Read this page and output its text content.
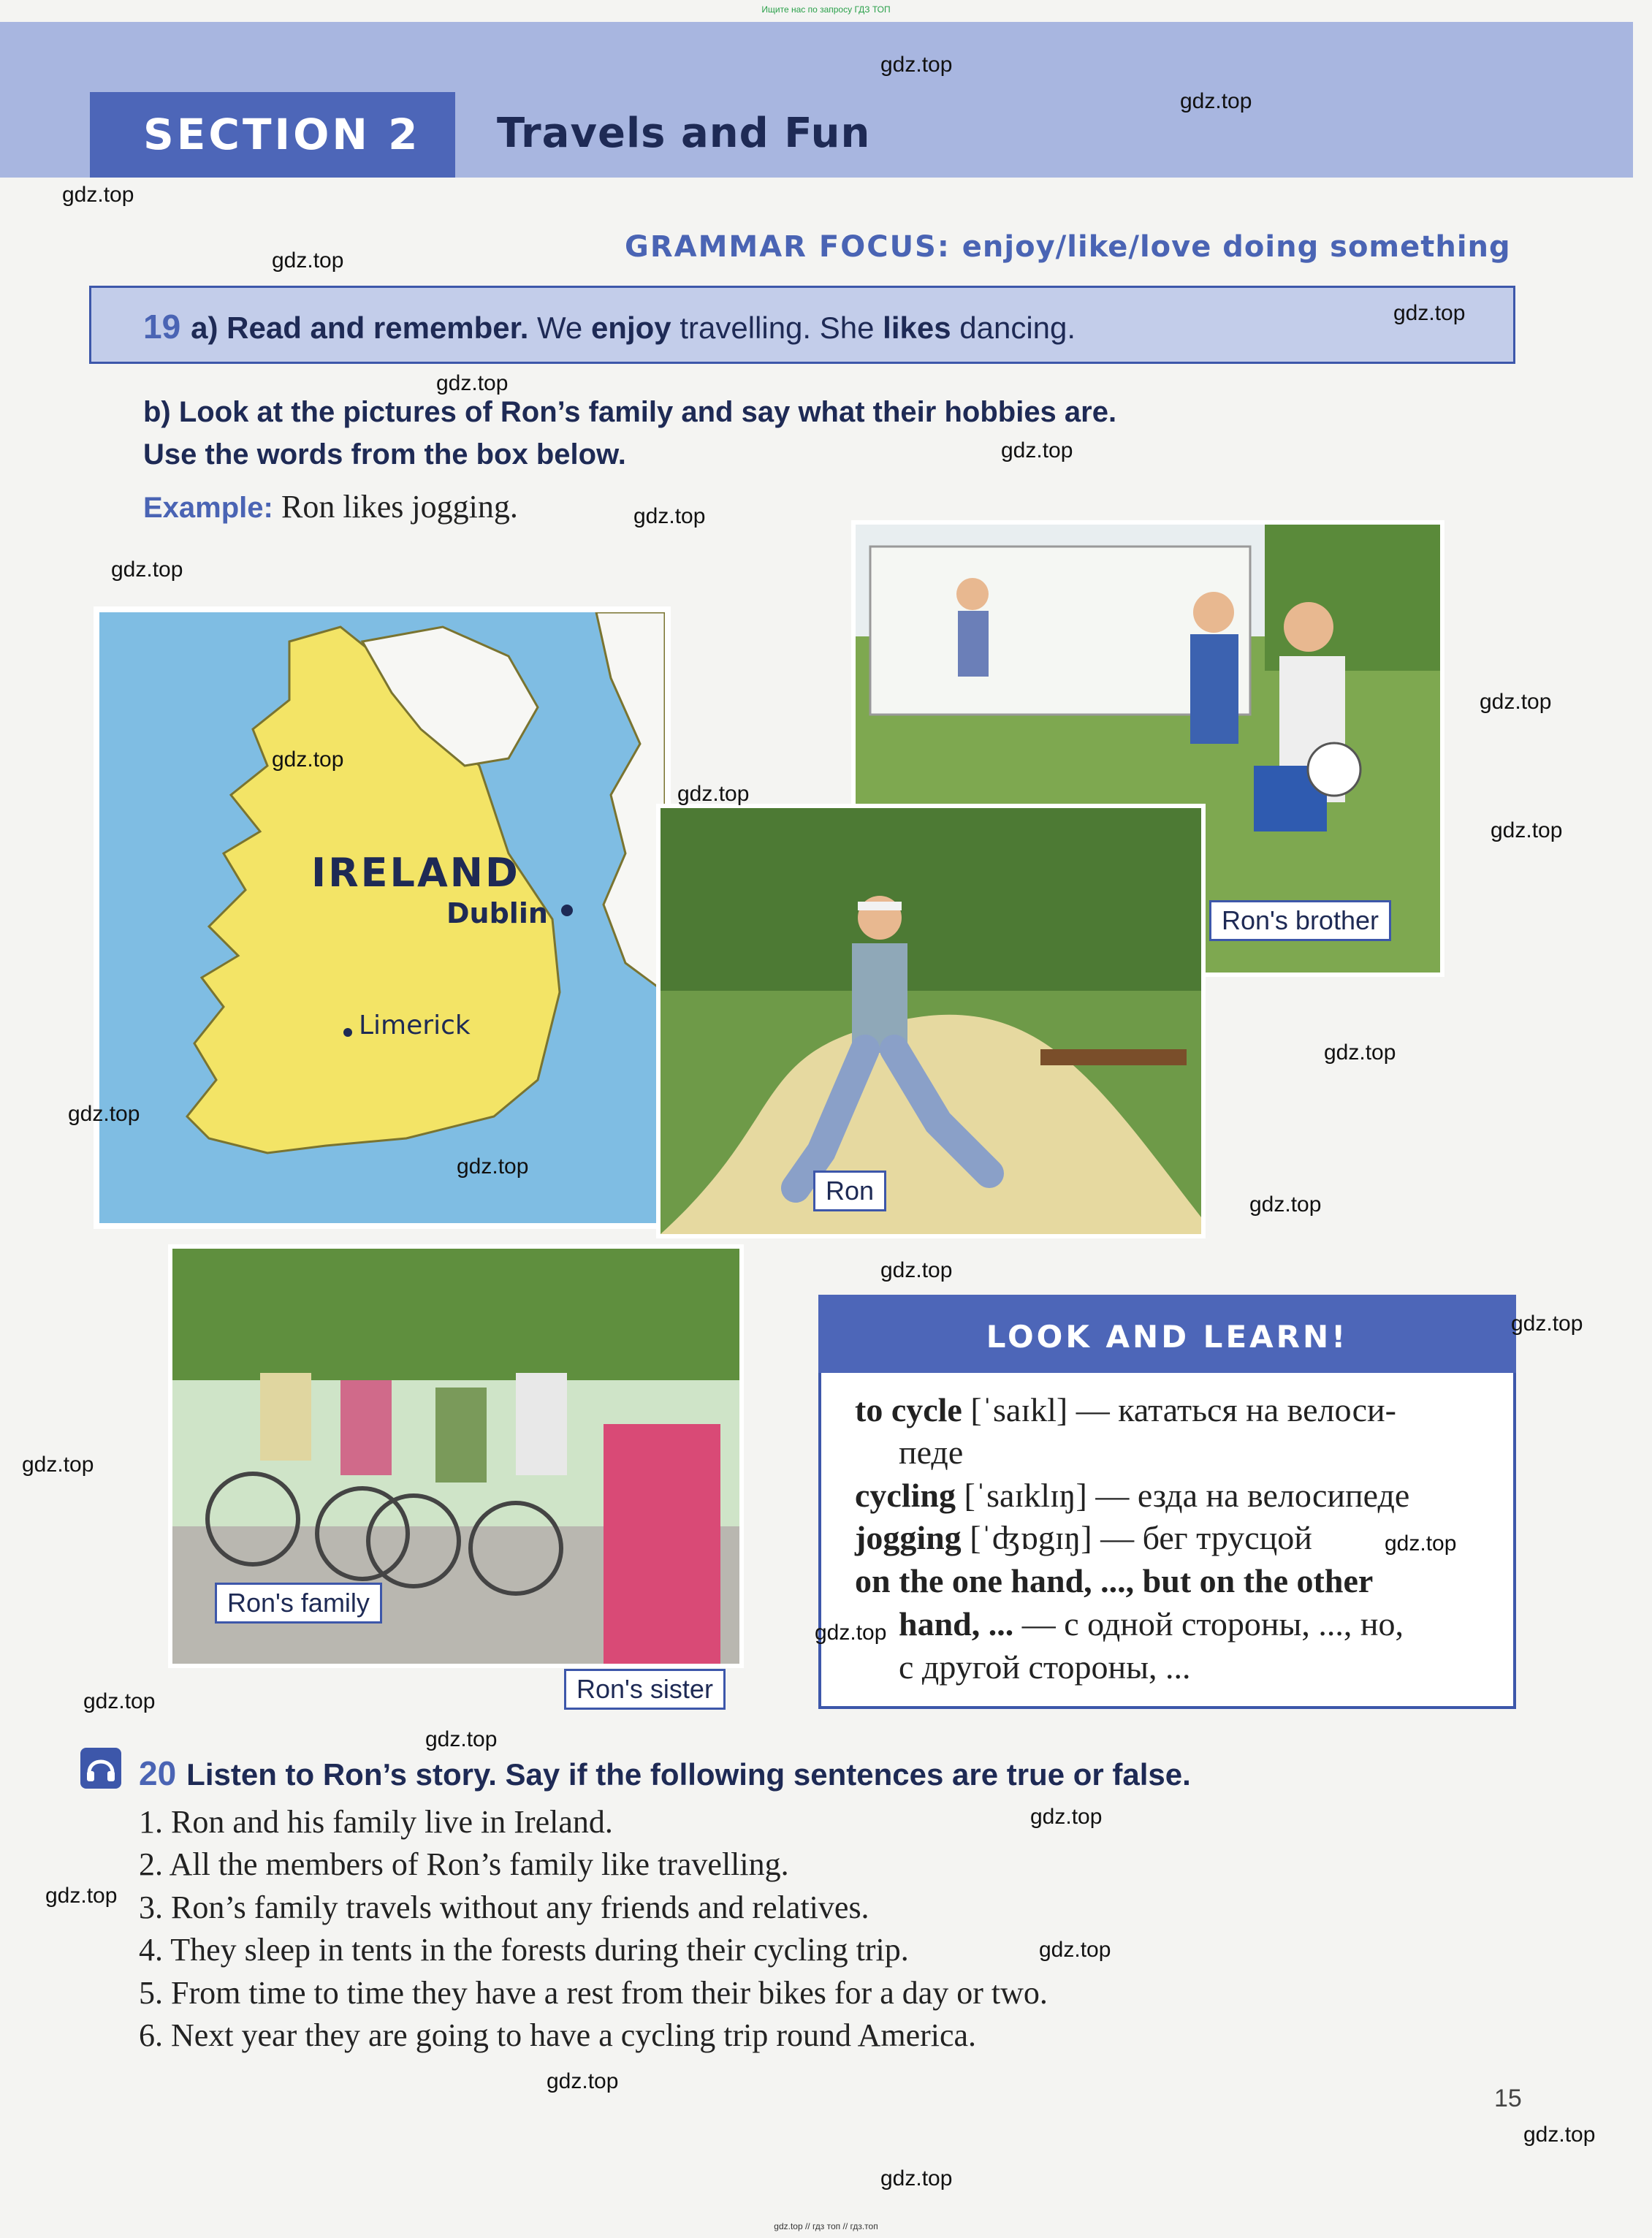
Ищите нас по запросу ГДЗ ТОП
gdz.top // гдз топ // гдз.топ
SECTION 2 Travels and Fun
GRAMMAR FOCUS: enjoy/like/love doing something
19 a) Read and remember. We enjoy travelling. She likes dancing.
b) Look at the pictures of Ron’s family and say what their hobbies are.
Use the words from the box below.
Example: Ron likes jogging.
IRELAND
Dublin
Limerick
Ron's brother
Ron
Ron's family
Ron's sister
LOOK AND LEARN!
to cycle [ˈsaɪkl] — кататься на велоси-
педе
cycling [ˈsaɪklɪŋ] — езда на велосипеде
jogging [ˈʤɒgɪŋ] — бег трусцой
on the one hand, ..., but on the other
hand, ... — с одной стороны, ..., но,
с другой стороны, ...
20 Listen to Ron’s story. Say if the following sentences are true or false.
1. Ron and his family live in Ireland.
2. All the members of Ron’s family like travelling.
3. Ron’s family travels without any friends and relatives.
4. They sleep in tents in the forests during their cycling trip.
5. From time to time they have a rest from their bikes for a day or two.
6. Next year they are going to have a cycling trip round America.
15
gdz.top
gdz.top
gdz.top
gdz.top
gdz.top
gdz.top
gdz.top
gdz.top
gdz.top
gdz.top
gdz.top
gdz.top
gdz.top
gdz.top
gdz.top
gdz.top
gdz.top
gdz.top
gdz.top
gdz.top
gdz.top
gdz.top
gdz.top
gdz.top
gdz.top
gdz.top
gdz.top
gdz.top
gdz.top
gdz.top
